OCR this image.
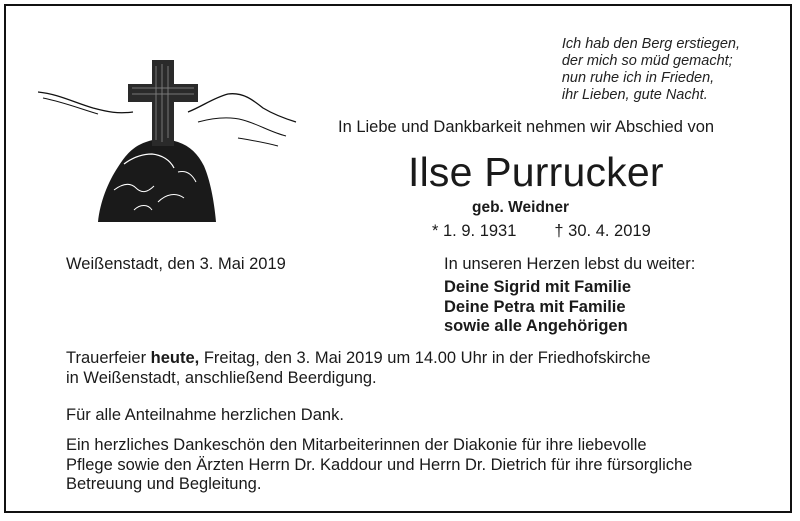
Ich hab den Berg erstiegen,
der mich so müd gemacht;
nun ruhe ich in Frieden,
ihr Lieben, gute Nacht.
In Liebe und Dankbarkeit nehmen wir Abschied von
Ilse Purrucker
geb. Weidner
* 1. 9. 1931 † 30. 4. 2019
Weißenstadt, den 3. Mai 2019	In unseren Herzen lebst du weiter:
Deine Sigrid mit Familie
Deine Petra mit Familie
sowie alle Angehörigen
Trauerfeier heute, Freitag, den 3. Mai 2019 um 14.00 Uhr in der Friedhofskirche
in Weißenstadt, anschließend Beerdigung.
Für alle Anteilnahme herzlichen Dank.
Ein herzliches Dankeschön den Mitarbeiterinnen der Diakonie für ihre liebevolle
Pflege sowie den Ärzten Herrn Dr. Kaddour und Herrn Dr. Dietrich für ihre fürsorgliche
Betreuung und Begleitung.
